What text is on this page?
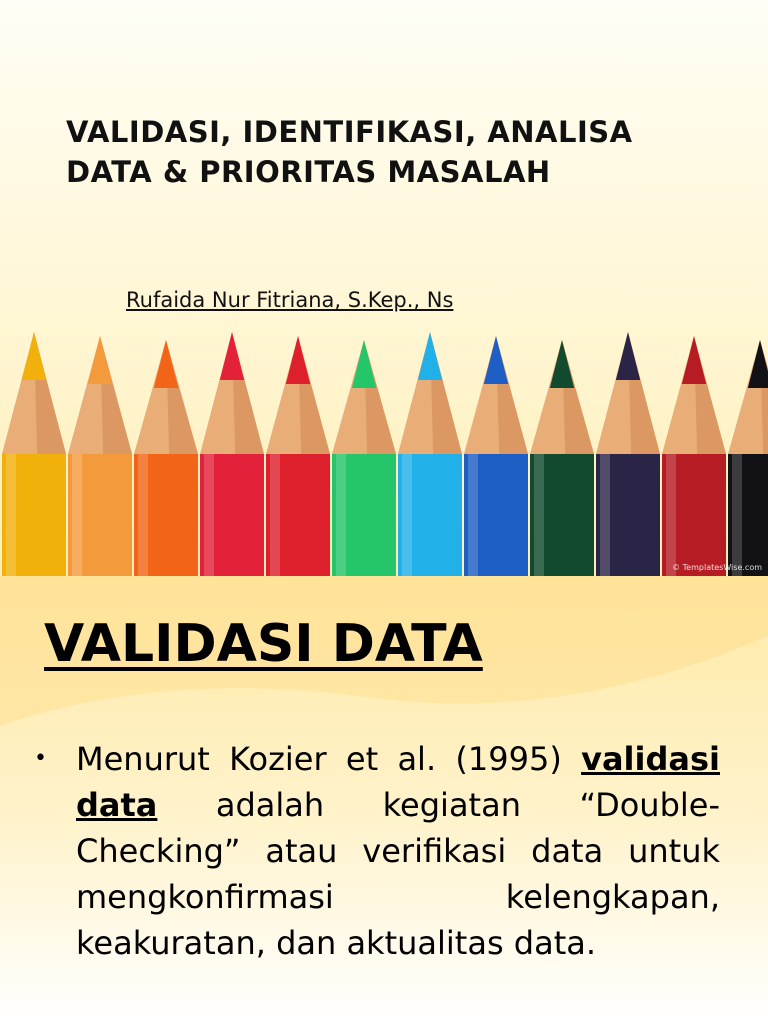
VALIDASI, IDENTIFIKASI, ANALISA DATA & PRIORITAS MASALAH

Rufaida Nur Fitriana, S.Kep., Ns

© TemplatesWise.com
VALIDASI DATA
• Menurut Kozier et al. (1995) validasi data adalah kegiatan “Double-Checking” atau verifikasi data untuk mengkonfirmasi kelengkapan, keakuratan, dan aktualitas data.
